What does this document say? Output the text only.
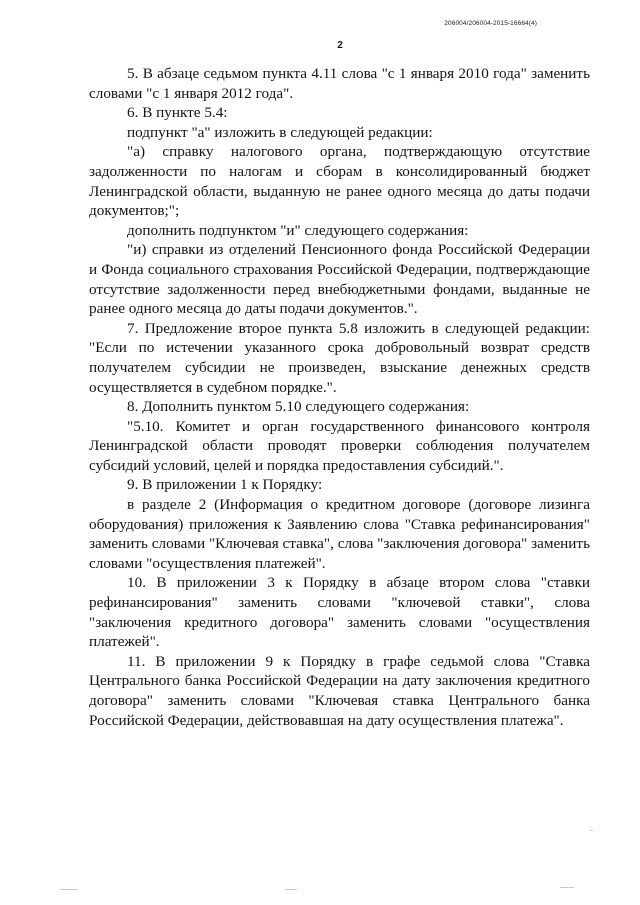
206004/206004-2015-16664(4)
2

5. В абзаце седьмом пункта 4.11 слова "с 1 января 2010 года" заменить словами "с 1 января 2012 года".

6. В пункте 5.4:

подпункт "а" изложить в следующей редакции:

"а) справку налогового органа, подтверждающую отсутствие задолженности по налогам и сборам в консолидированный бюджет Ленинградской области, выданную не ранее одного месяца до даты подачи документов;";

дополнить подпунктом "и" следующего содержания:

"и) справки из отделений Пенсионного фонда Российской Федерации и Фонда социального страхования Российской Федерации, подтверждающие отсутствие задолженности перед внебюджетными фондами, выданные не ранее одного месяца до даты подачи документов.".

7. Предложение второе пункта 5.8 изложить в следующей редакции: "Если по истечении указанного срока добровольный возврат средств получателем субсидии не произведен, взыскание денежных средств осуществляется в судебном порядке.".

8. Дополнить пунктом 5.10 следующего содержания:

"5.10. Комитет и орган государственного финансового контроля Ленинградской области проводят проверки соблюдения получателем субсидий условий, целей и порядка предоставления субсидий.".

9. В приложении 1 к Порядку:

в разделе 2 (Информация о кредитном договоре (договоре лизинга оборудования) приложения к Заявлению слова "Ставка рефинансирования" заменить словами "Ключевая ставка", слова "заключения договора" заменить словами "осуществления платежей".

10. В приложении 3 к Порядку в абзаце втором слова "ставки рефинансирования" заменить словами "ключевой ставки", слова "заключения кредитного договора" заменить словами "осуществления платежей".

11. В приложении 9 к Порядку в графе седьмой слова "Ставка Центрального банка Российской Федерации на дату заключения кредитного договора" заменить словами "Ключевая ставка Центрального банка Российской Федерации, действовавшая на дату осуществления платежа".
